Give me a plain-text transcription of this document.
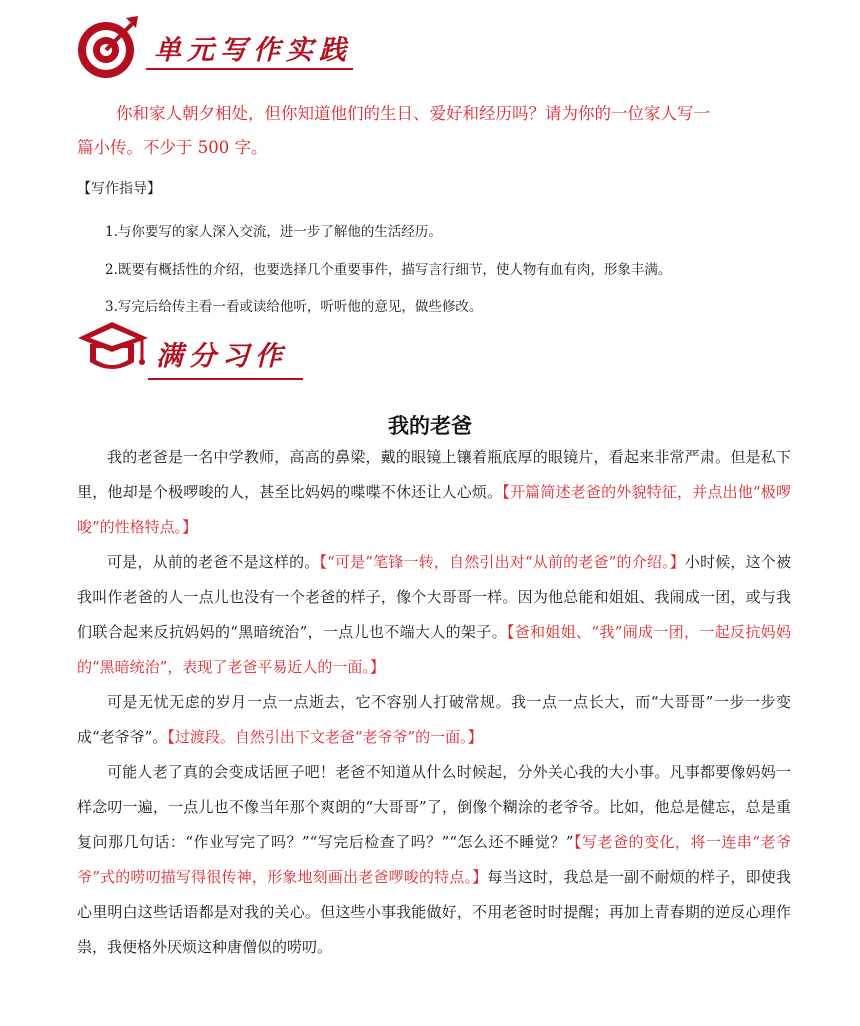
单元写作实践
你和家人朝夕相处，但你知道他们的生日、爱好和经历吗？请为你的一位家人写一
篇小传。不少于 500 字。
【写作指导】
1.与你要写的家人深入交流，进一步了解他的生活经历。
2.既要有概括性的介绍，也要选择几个重要事件，描写言行细节，使人物有血有肉，形象丰满。
3.写完后给传主看一看或读给他听，听听他的意见，做些修改。
满分习作
我的老爸

我的老爸是一名中学教师，高高的鼻梁，戴的眼镜上镶着瓶底厚的眼镜片，看起来非常严肃。但是私下里，他却是个极啰唆的人，甚至比妈妈的喋喋不休还让人心烦。【开篇简述老爸的外貌特征，并点出他“极啰唆”的性格特点。】

可是，从前的老爸不是这样的。【“可是”笔锋一转，自然引出对“从前的老爸”的介绍。】小时候，这个被我叫作老爸的人一点儿也没有一个老爸的样子，像个大哥哥一样。因为他总能和姐姐、我闹成一团，或与我们联合起来反抗妈妈的“黑暗统治”，一点儿也不端大人的架子。【爸和姐姐、“我”闹成一团，一起反抗妈妈的“黑暗统治”，表现了老爸平易近人的一面。】

可是无忧无虑的岁月一点一点逝去，它不容别人打破常规。我一点一点长大，而“大哥哥”一步一步变成“老爷爷”。【过渡段。自然引出下文老爸“老爷爷”的一面。】

可能人老了真的会变成话匣子吧！老爸不知道从什么时候起，分外关心我的大小事。凡事都要像妈妈一样念叨一遍，一点儿也不像当年那个爽朗的“大哥哥”了，倒像个糊涂的老爷爷。比如，他总是健忘，总是重复问那几句话：“作业写完了吗？”“写完后检查了吗？”“怎么还不睡觉？”【写老爸的变化，将一连串“老爷爷”式的唠叨描写得很传神，形象地刻画出老爸啰唆的特点。】每当这时，我总是一副不耐烦的样子，即使我心里明白这些话语都是对我的关心。但这些小事我能做好，不用老爸时时提醒；再加上青春期的逆反心理作祟，我便格外厌烦这种唐僧似的唠叨。
